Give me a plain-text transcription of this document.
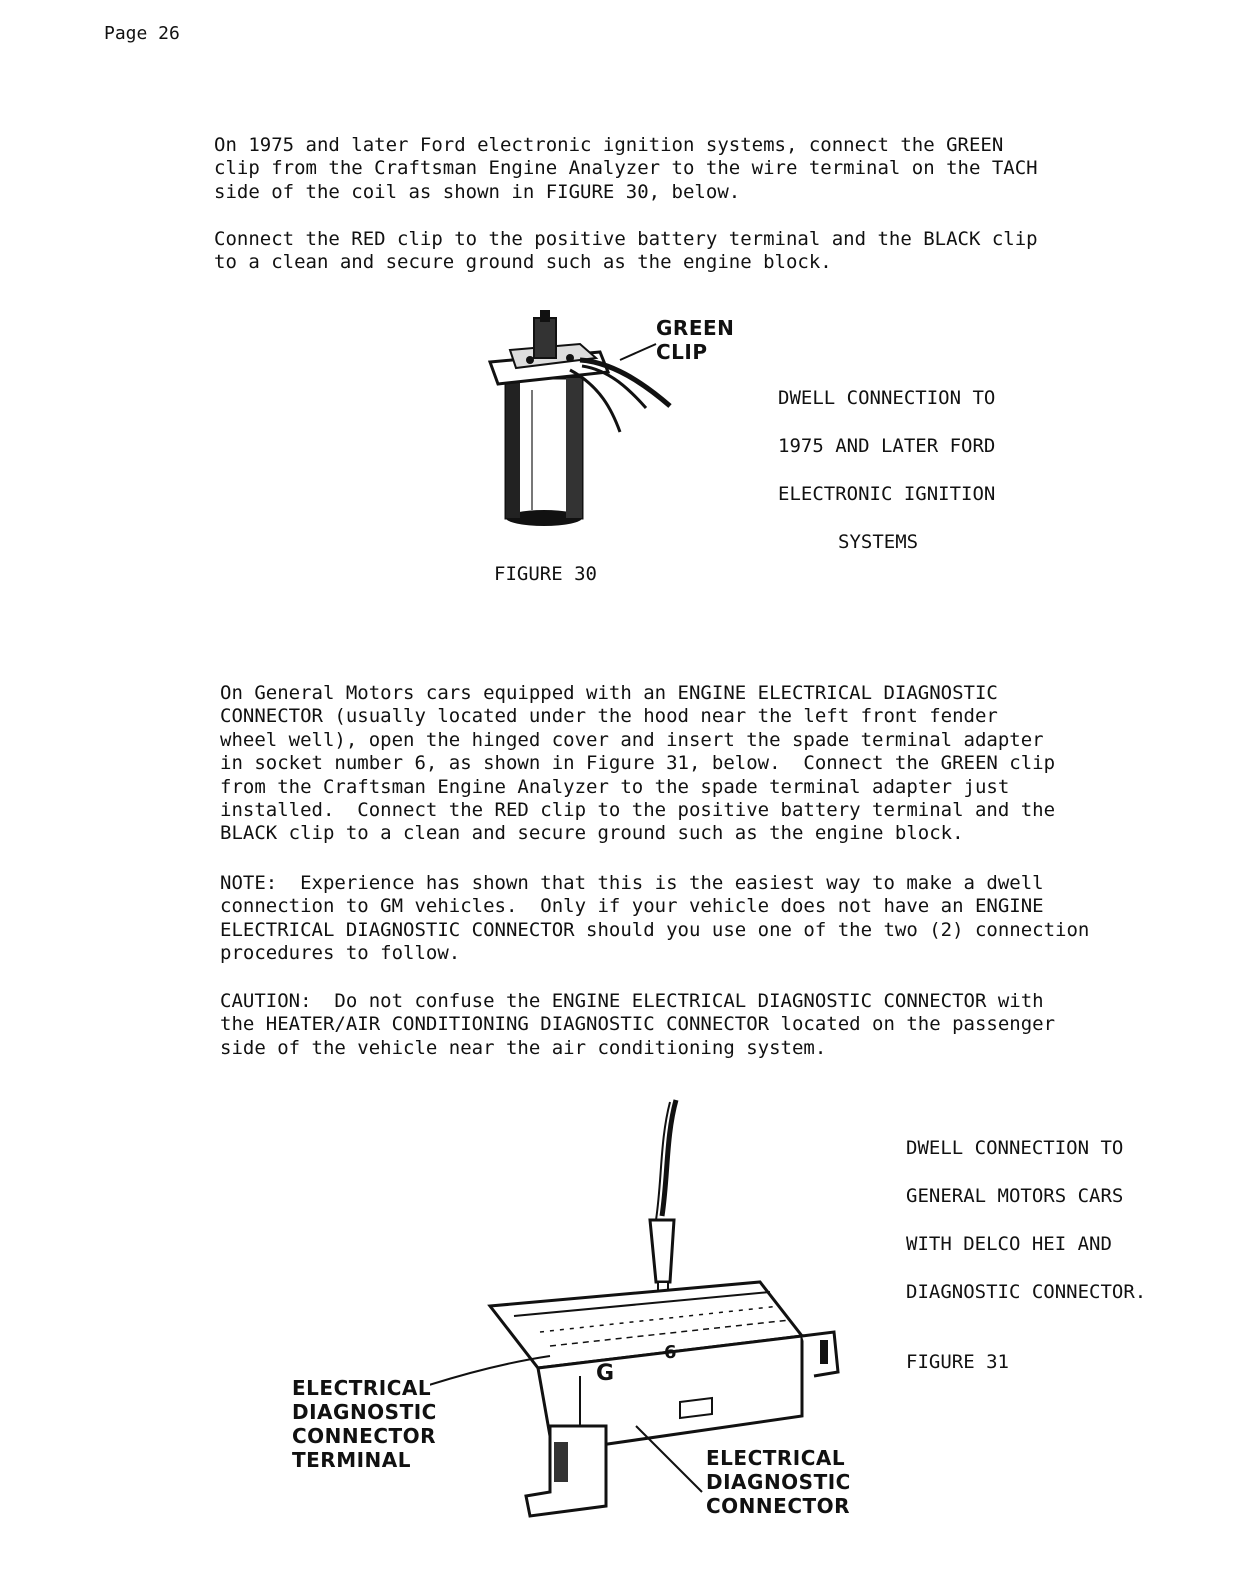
Page 26
On 1975 and later Ford electronic ignition systems, connect the GREEN
clip from the Craftsman Engine Analyzer to the wire terminal on the TACH
side of the coil as shown in FIGURE 30, below.
Connect the RED clip to the positive battery terminal and the BLACK clip
to a clean and secure ground such as the engine block.
GREEN
CLIP
DWELL CONNECTION TO
1975 AND LATER FORD
ELECTRONIC IGNITION
SYSTEMS
FIGURE 30
On General Motors cars equipped with an ENGINE ELECTRICAL DIAGNOSTIC
CONNECTOR (usually located under the hood near the left front fender
wheel well), open the hinged cover and insert the spade terminal adapter
in socket number 6, as shown in Figure 31, below.  Connect the GREEN clip
from the Craftsman Engine Analyzer to the spade terminal adapter just
installed.  Connect the RED clip to the positive battery terminal and the
BLACK clip to a clean and secure ground such as the engine block.
NOTE:  Experience has shown that this is the easiest way to make a dwell
connection to GM vehicles.  Only if your vehicle does not have an ENGINE
ELECTRICAL DIAGNOSTIC CONNECTOR should you use one of the two (2) connection
procedures to follow.
CAUTION:  Do not confuse the ENGINE ELECTRICAL DIAGNOSTIC CONNECTOR with
the HEATER/AIR CONDITIONING DIAGNOSTIC CONNECTOR located on the passenger
side of the vehicle near the air conditioning system.
G
6
ELECTRICAL
DIAGNOSTIC
CONNECTOR
TERMINAL	ELECTRICAL
DIAGNOSTIC
CONNECTOR
DWELL CONNECTION TO
GENERAL MOTORS CARS
WITH DELCO HEI AND
DIAGNOSTIC CONNECTOR.
FIGURE 31
